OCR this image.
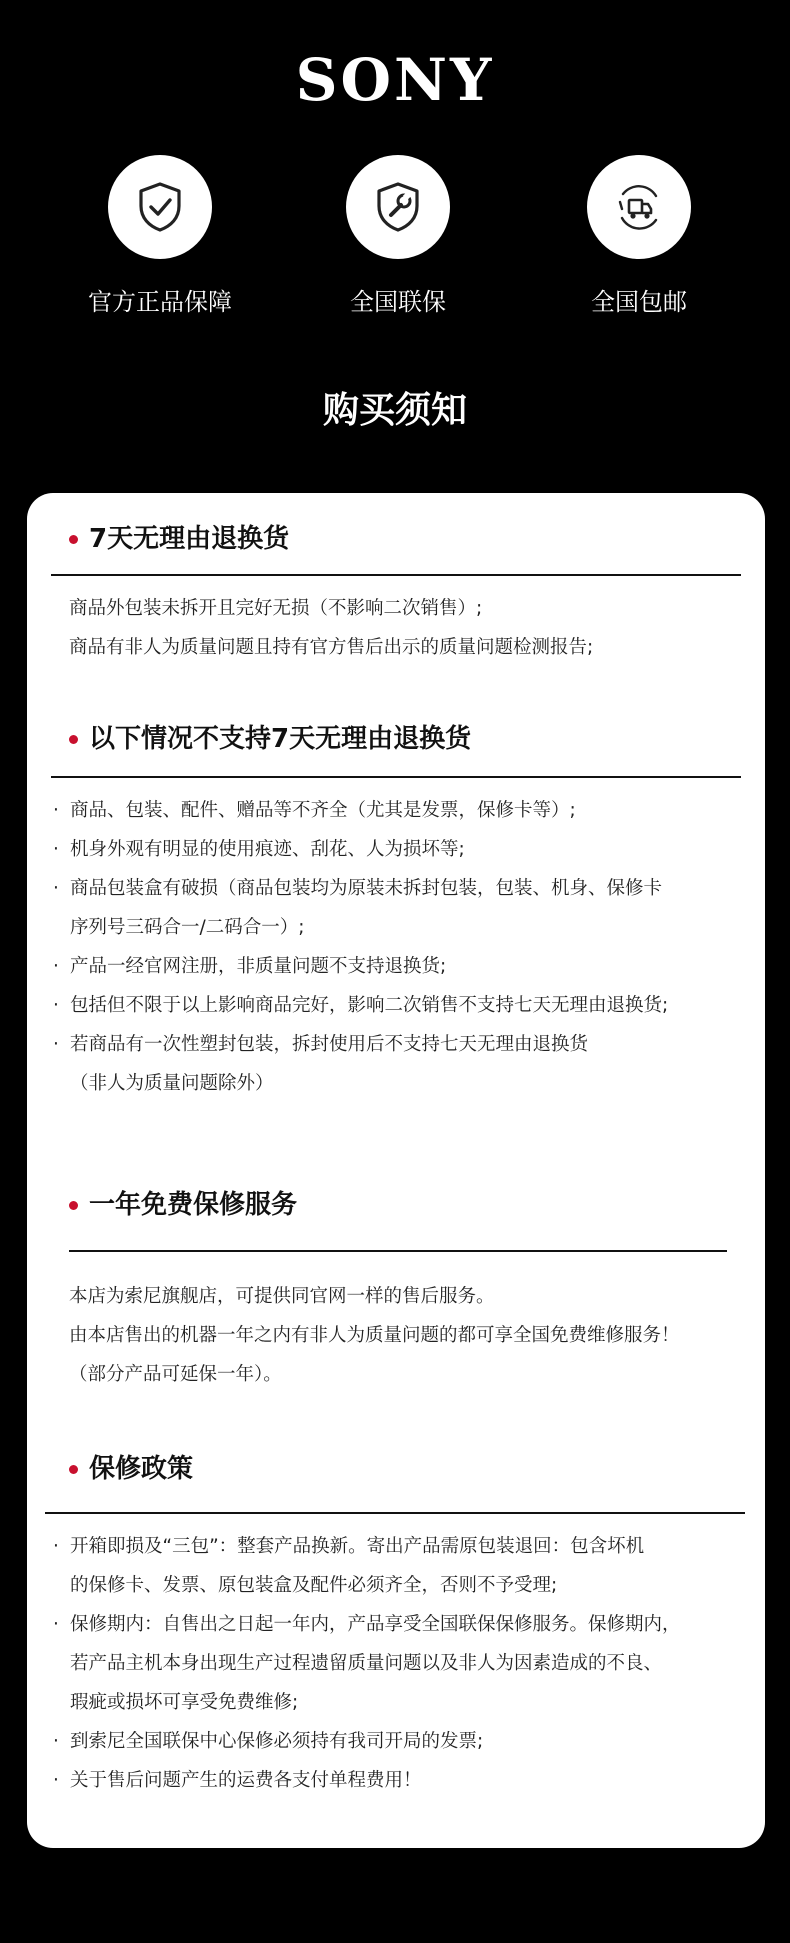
SONY
官方正品保障	全国联保	全国包邮
购买须知
7天无理由退换货
商品外包装未拆开且完好无损（不影响二次销售）;
商品有非人为质量问题且持有官方售后出示的质量问题检测报告;
以下情况不支持7天无理由退换货
· 商品、包装、配件、赠品等不齐全（尤其是发票，保修卡等）;
· 机身外观有明显的使用痕迹、刮花、人为损坏等;
· 商品包装盒有破损（商品包装均为原装未拆封包装，包装、机身、保修卡
序列号三码合一/二码合一）;
· 产品一经官网注册，非质量问题不支持退换货;
· 包括但不限于以上影响商品完好，影响二次销售不支持七天无理由退换货;
· 若商品有一次性塑封包装，拆封使用后不支持七天无理由退换货
（非人为质量问题除外）
一年免费保修服务
本店为索尼旗舰店，可提供同官网一样的售后服务。
由本店售出的机器一年之内有非人为质量问题的都可享全国免费维修服务！
（部分产品可延保一年）。
保修政策
· 开箱即损及“三包”：整套产品换新。寄出产品需原包装退回：包含坏机
的保修卡、发票、原包装盒及配件必须齐全，否则不予受理;
· 保修期内：自售出之日起一年内，产品享受全国联保保修服务。保修期内，
若产品主机本身出现生产过程遗留质量问题以及非人为因素造成的不良、
瑕疵或损坏可享受免费维修;
· 到索尼全国联保中心保修必须持有我司开局的发票;
· 关于售后问题产生的运费各支付单程费用！
